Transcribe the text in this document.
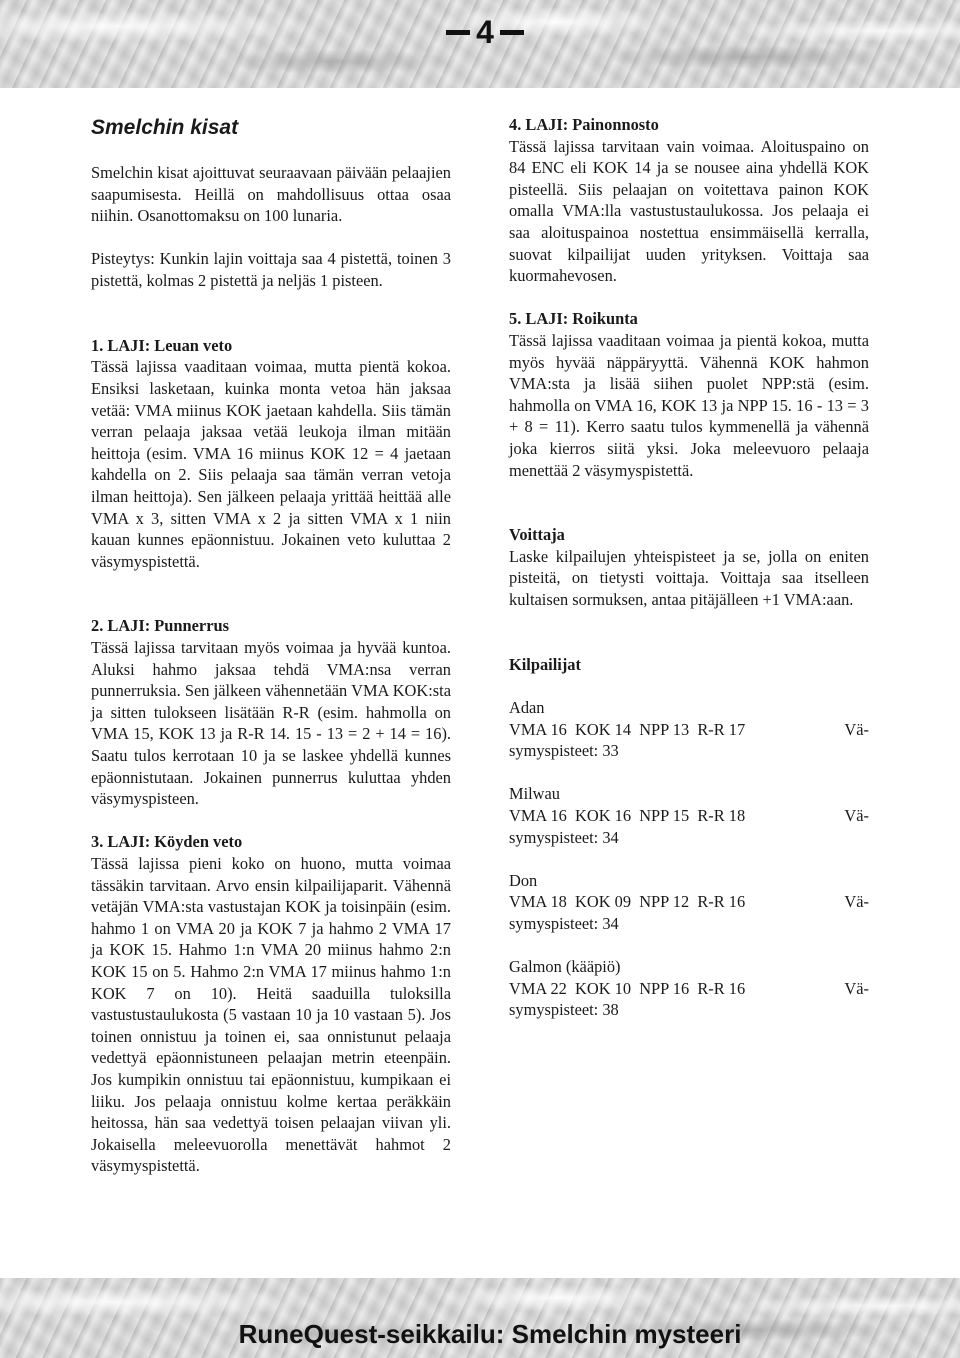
4
Smelchin kisat

Smelchin kisat ajoittuvat seuraavaan päivään pelaajien saapumisesta. Heillä on mahdollisuus ottaa osaa niihin. Osanottomaksu on 100 lunaria.

Pisteytys: Kunkin lajin voittaja saa 4 pistettä, toinen 3 pistettä, kolmas 2 pistettä ja neljäs 1 pisteen.

1. LAJI: Leuan veto

Tässä lajissa vaaditaan voimaa, mutta pientä kokoa. Ensiksi lasketaan, kuinka monta vetoa hän jaksaa vetää: VMA miinus KOK jaetaan kahdella. Siis tämän verran pelaaja jaksaa vetää leukoja ilman mitään heittoja (esim. VMA 16 miinus KOK 12 = 4 jaetaan kahdella on 2. Siis pelaaja saa tämän verran vetoja ilman heittoja). Sen jälkeen pelaaja yrittää heittää alle VMA x 3, sitten VMA x 2 ja sitten VMA x 1 niin kauan kunnes epäonnistuu. Jokainen veto kuluttaa 2 väsymyspistettä.

2. LAJI: Punnerrus

Tässä lajissa tarvitaan myös voimaa ja hyvää kuntoa. Aluksi hahmo jaksaa tehdä VMA:nsa verran punnerruksia. Sen jälkeen vähennetään VMA KOK:sta ja sitten tulokseen lisätään R-R (esim. hahmolla on VMA 15, KOK 13 ja R-R 14. 15 - 13 = 2 + 14 = 16). Saatu tulos kerrotaan 10 ja se laskee yhdellä kunnes epäonnistutaan. Jokainen punnerrus kuluttaa yhden väsymyspisteen.

3. LAJI: Köyden veto

Tässä lajissa pieni koko on huono, mutta voimaa tässäkin tarvitaan. Arvo ensin kilpailijaparit. Vähennä vetäjän VMA:sta vastustajan KOK ja toisinpäin (esim. hahmo 1 on VMA 20 ja KOK 7 ja hahmo 2 VMA 17 ja KOK 15. Hahmo 1:n VMA 20 miinus hahmo 2:n KOK 15 on 5. Hahmo 2:n VMA 17 miinus hahmo 1:n KOK 7 on 10). Heitä saaduilla tuloksilla vastustustaulukosta (5 vastaan 10 ja 10 vastaan 5). Jos toinen onnistuu ja toinen ei, saa onnistunut pelaaja vedettyä epäonnistuneen pelaajan metrin eteenpäin. Jos kumpikin onnistuu tai epäonnistuu, kumpikaan ei liiku. Jos pelaaja onnistuu kolme kertaa peräkkäin heitossa, hän saa vedettyä toisen pelaajan viivan yli. Jokaisella meleevuorolla menettävät hahmot 2 väsymyspistettä.

4. LAJI: Painonnosto

Tässä lajissa tarvitaan vain voimaa. Aloituspaino on 84 ENC eli KOK 14 ja se nousee aina yhdellä KOK pisteellä. Siis pelaajan on voitettava painon KOK omalla VMA:lla vastustustaulukossa. Jos pelaaja ei saa aloituspainoa nostettua ensimmäisellä kerralla, suovat kilpailijat uuden yrityksen. Voittaja saa kuormahevosen.

5. LAJI: Roikunta

Tässä lajissa vaaditaan voimaa ja pientä kokoa, mutta myös hyvää näppäryyttä. Vähennä KOK hahmon VMA:sta ja lisää siihen puolet NPP:stä (esim. hahmolla on VMA 16, KOK 13 ja NPP 15. 16 - 13 = 3 + 8 = 11). Kerro saatu tulos kymmenellä ja vähennä joka kierros siitä yksi. Joka meleevuoro pelaaja menettää 2 väsymyspistettä.

Voittaja

Laske kilpailujen yhteispisteet ja se, jolla on eniten pisteitä, on tietysti voittaja. Voittaja saa itselleen kultaisen sormuksen, antaa pitäjälleen +1 VMA:aan.

Kilpailijat
Adan
VMA 16  KOK 14  NPP 13  R-R 17	Vä-
symyspisteet: 33
Milwau
VMA 16  KOK 16  NPP 15  R-R 18	Vä-
symyspisteet: 34
Don
VMA 18  KOK 09  NPP 12  R-R 16	Vä-
symyspisteet: 34
Galmon (kääpiö)
VMA 22  KOK 10  NPP 16  R-R 16	Vä-
symyspisteet: 38
RuneQuest-seikkailu: Smelchin mysteeri
